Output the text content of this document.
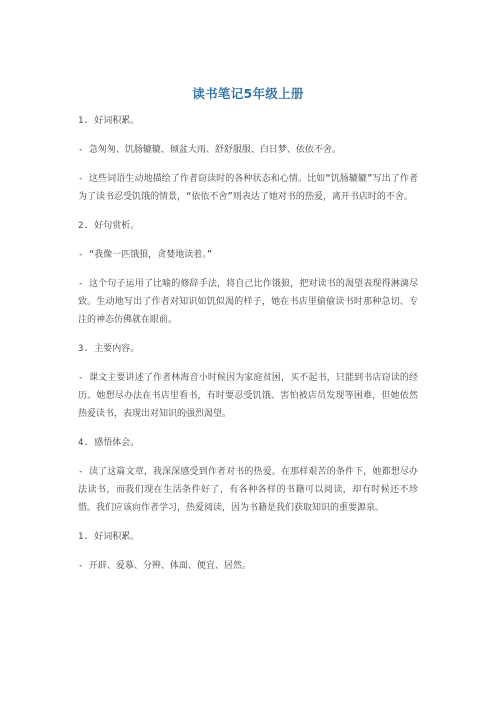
读书笔记5年级上册

1. 好词积累。

- 急匆匆、饥肠辘辘、倾盆大雨、舒舒服服、白日梦、依依不舍。

- 这些词语生动地描绘了作者窃读时的各种状态和心情。比如“饥肠辘辘”写出了作者为了读书忍受饥饿的情景，“依依不舍”则表达了她对书的热爱，离开书店时的不舍。

2. 好句赏析。

- “我像一匹饿狼，贪婪地读着。”

- 这个句子运用了比喻的修辞手法，将自己比作饿狼，把对读书的渴望表现得淋漓尽致。生动地写出了作者对知识如饥似渴的样子，她在书店里偷偷读书时那种急切、专注的神态仿佛就在眼前。

3. 主要内容。

- 课文主要讲述了作者林海音小时候因为家庭贫困，买不起书，只能到书店窃读的经历。她想尽办法在书店里看书，有时要忍受饥饿、害怕被店员发现等困难，但她依然热爱读书，表现出对知识的强烈渴望。

4. 感悟体会。

- 读了这篇文章，我深深感受到作者对书的热爱。在那样艰苦的条件下，她都想尽办法读书，而我们现在生活条件好了，有各种各样的书籍可以阅读，却有时候还不珍惜。我们应该向作者学习，热爱阅读，因为书籍是我们获取知识的重要源泉。

1. 好词积累。

- 开辟、爱慕、分辨、体面、便宜、居然。
